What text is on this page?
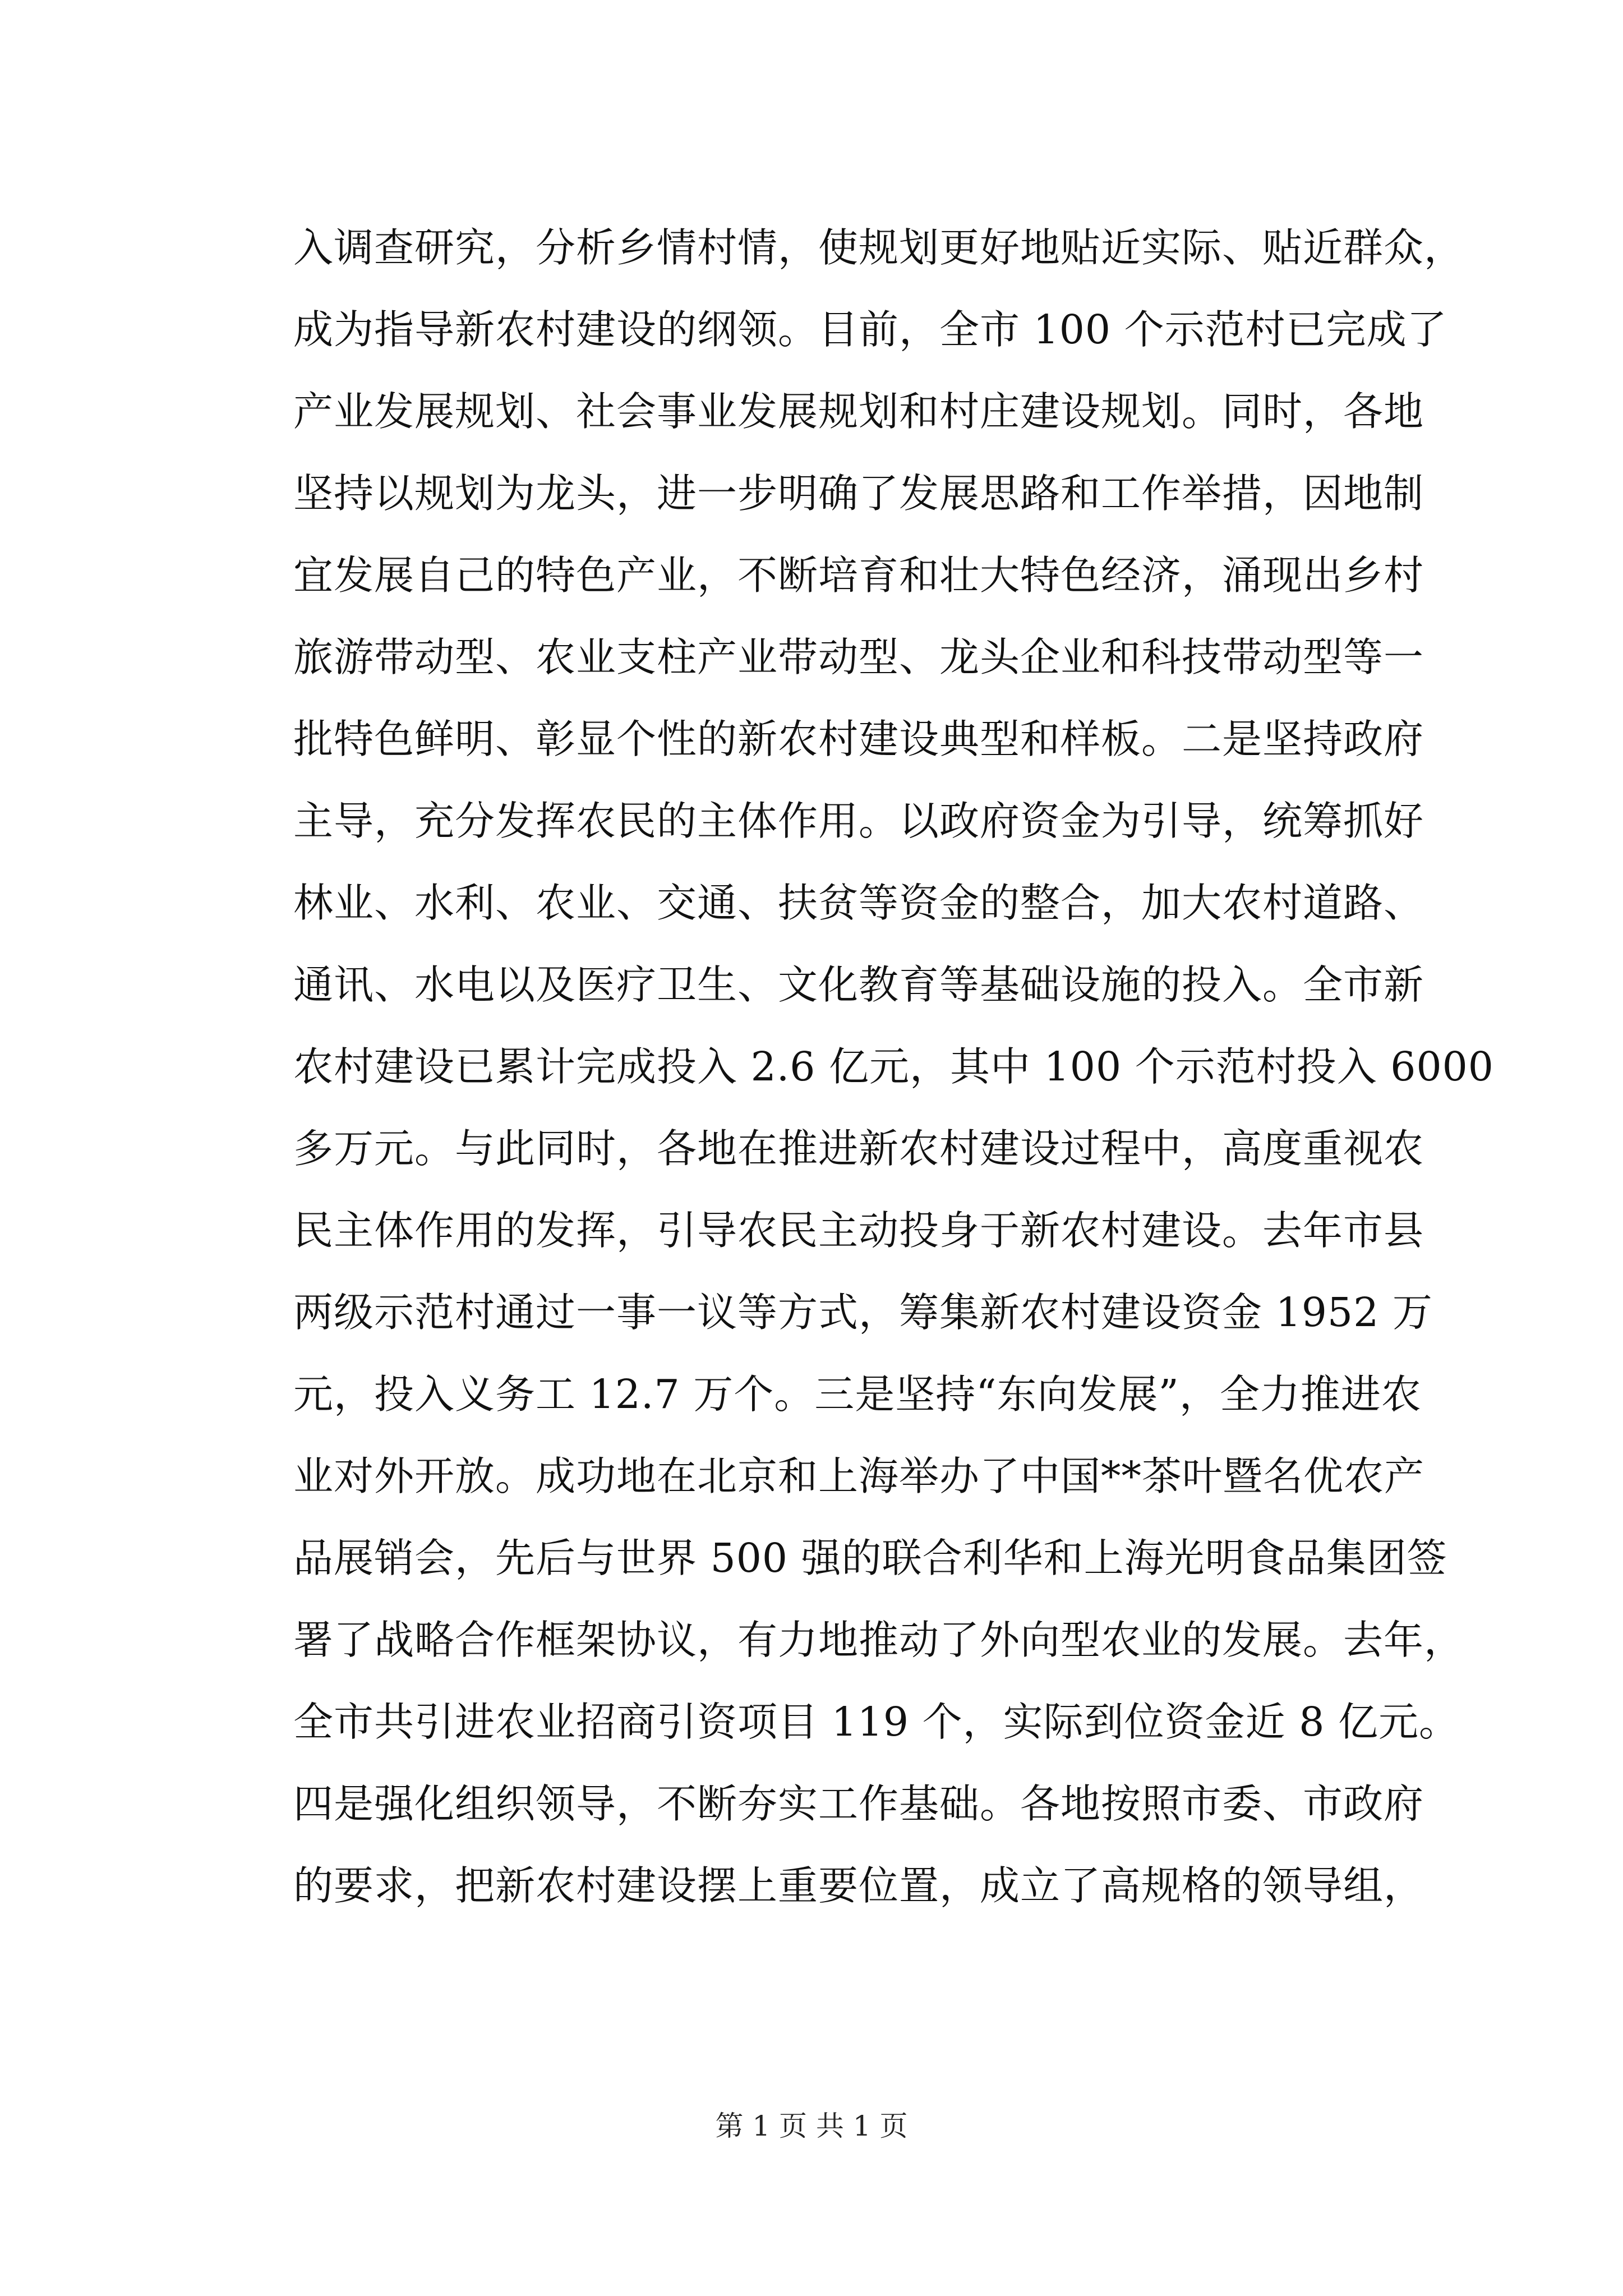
入调查研究，分析乡情村情，使规划更好地贴近实际、贴近群众，
成为指导新农村建设的纲领。目前，全市 100 个示范村已完成了
产业发展规划、社会事业发展规划和村庄建设规划。同时，各地
坚持以规划为龙头，进一步明确了发展思路和工作举措，因地制
宜发展自己的特色产业，不断培育和壮大特色经济，涌现出乡村
旅游带动型、农业支柱产业带动型、龙头企业和科技带动型等一
批特色鲜明、彰显个性的新农村建设典型和样板。二是坚持政府
主导，充分发挥农民的主体作用。以政府资金为引导，统筹抓好
林业、水利、农业、交通、扶贫等资金的整合，加大农村道路、
通讯、水电以及医疗卫生、文化教育等基础设施的投入。全市新
农村建设已累计完成投入 2.6 亿元，其中 100 个示范村投入 6000
多万元。与此同时，各地在推进新农村建设过程中，高度重视农
民主体作用的发挥，引导农民主动投身于新农村建设。去年市县
两级示范村通过一事一议等方式，筹集新农村建设资金 1952 万
元，投入义务工 12.7 万个。三是坚持“东向发展”，全力推进农
业对外开放。成功地在北京和上海举办了中国**茶叶暨名优农产
品展销会，先后与世界 500 强的联合利华和上海光明食品集团签
署了战略合作框架协议，有力地推动了外向型农业的发展。去年，
全市共引进农业招商引资项目 119 个，实际到位资金近 8 亿元。
四是强化组织领导，不断夯实工作基础。各地按照市委、市政府
的要求，把新农村建设摆上重要位置，成立了高规格的领导组，
第 1 页 共 1 页
